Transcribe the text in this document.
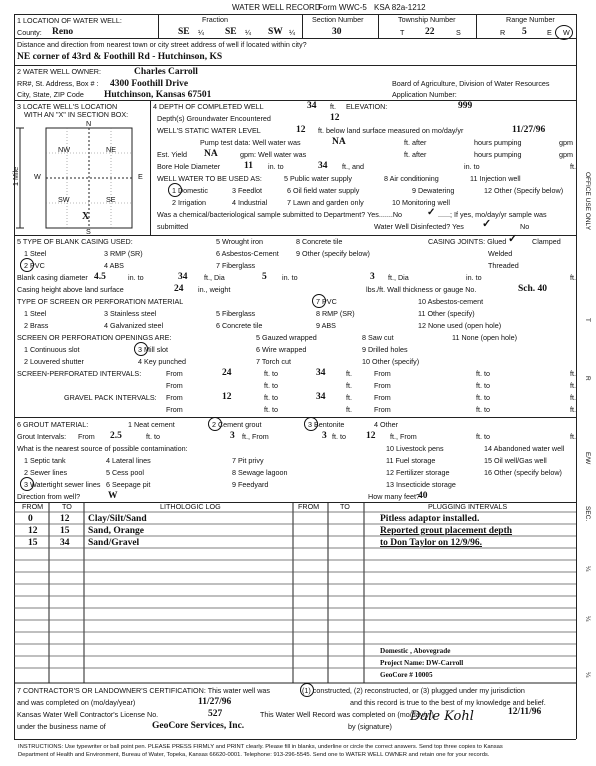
WATER WELL RECORD
Form WWC-5 KSA 82a-1212
1 LOCATION OF WATER WELL:
County: Reno
Fraction
SE ¼ SE ¼ SW ¼
Section Number
30
Township Number
T 22	S
Range Number
R 5	E W
Distance and direction from nearest town or city street address of well if located within city?
NE corner of 43rd & Foothill Rd - Hutchinson, KS
2 WATER WELL OWNER:	Charles Carroll
RR#, St. Address, Box # : 4300 Foothill Drive
City, State, ZIP Code Hutchinson, Kansas 67501
Board of Agriculture, Division of Water Resources
Application Number:
3 LOCATE WELL'S LOCATION
WITH AN "X" IN SECTION BOX:
N
S
W	E
NW	NE
SW	SE
X
1 Mile
4 DEPTH OF COMPLETED WELL	34 ft. ELEVATION:	999
Depth(s) Groundwater Encountered	12
WELL'S STATIC WATER LEVEL	12 ft. below land surface measured on mo/day/yr	11/27/96
Pump test data: Well water was	NA	ft. after	hours pumping	gpm
Est. Yield NA	gpm: Well water was	ft. after	hours pumping	gpm
Bore Hole Diameter	11 in. to	34 ft., and	in. to	ft.
WELL WATER TO BE USED AS:
1 Domestic	3 Feedlot	6 Oil field water supply	9 Dewatering	12 Other (Specify below)
2 Irrigation	4 Industrial	7 Lawn and garden only	10 Monitoring well
5 Public water supply	8 Air conditioning	11 Injection well
Was a chemical/bacteriological sample submitted to Department? Yes.......No ✓ ......; If yes, mo/day/yr sample was
submitted	Water Well Disinfected? Yes ✓	No
5 TYPE OF BLANK CASING USED:
1 Steel	3 RMP (SR)
5 Wrought iron	8 Concrete tile
9 Other (specify below)
2 PVC	4 ABS
6 Asbestos-Cement
7 Fiberglass
CASING JOINTS: Glued ✓ Clamped
Welded
Threaded
Blank casing diameter 4.5	in. to	34 ft., Dia	5 in. to	3 ft., Dia	in. to	ft.
Casing height above land surface	24 in., weight	lbs./ft. Wall thickness or gauge No.	Sch. 40
TYPE OF SCREEN OR PERFORATION MATERIAL
1 Steel	3 Stainless steel	5 Fiberglass
7 PVC	10 Asbestos-cement
2 Brass	4 Galvanized steel	6 Concrete tile
8 RMP (SR)
9 ABS
11 Other (specify)
12 None used (open hole)
SCREEN OR PERFORATION OPENINGS ARE:
1 Continuous slot	3 Mill slot
5 Gauzed wrapped	8 Saw cut	11 None (open hole)
2 Louvered shutter	4 Key punched
6 Wire wrapped
7 Torch cut
9 Drilled holes
10 Other (specify)
SCREEN-PERFORATED INTERVALS:	From	24	ft. to	34	ft.	From	ft. to	ft.
From	ft. to	ft.	From	ft. to	ft.
GRAVEL PACK INTERVALS: From	12	ft. to	34	ft.	From	ft. to	ft.
From	ft. to	ft.	From	ft. to	ft.
6 GROUT MATERIAL:	1 Neat cement	2 Cement grout	3 Bentonite	4 Other
Grout Intervals: From 2.5	ft. to	3 ft., From	3 ft. to 12 ft., From	ft. to	ft.
What is the nearest source of possible contamination:
1 Septic tank	4 Lateral lines	7 Pit privy
10 Livestock pens	14 Abandoned water well
2 Sewer lines	5 Cess pool	8 Sewage lagoon
11 Fuel storage	15 Oil well/Gas well
3 Watertight sewer lines 6 Seepage pit	9 Feedyard
12 Fertilizer storage	16 Other (specify below)
13 Insecticide storage
Direction from well?	W	How many feet?
40
FROM	TO	LITHOLOGIC LOG	FROM	TO	PLUGGING INTERVALS
0	12 Clay/Silt/Sand
12 15 Sand, Orange
15 34 Sand/Gravel
Pitless adaptor installed.
Reported grout placement depth
to Don Taylor on 12/9/96.
Domestic , Abovegrade
Project Name: DW-Carroll
GeoCore # 10005
7 CONTRACTOR'S OR LANDOWNER'S CERTIFICATION: This water well was	(1) constructed, (2) reconstructed, or (3) plugged under my jurisdiction
and was completed on (mo/day/year)	11/27/96	and this record is true to the best of my knowledge and belief.
Kansas Water Well Contractor's License No.	527	This Water Well Record was completed on (mo/day/yr)	12/11/96
under the business name of	GeoCore Services, Inc.	by (signature)
Dale Kohl
INSTRUCTIONS: Use typewriter or ball point pen. PLEASE PRESS FIRMLY and PRINT clearly. Please fill in blanks, underline or circle the correct answers. Send top three copies to Kansas
Department of Health and Environment, Bureau of Water, Topeka, Kansas 66620-0001. Telephone: 913-296-5545. Send one to WATER WELL OWNER and retain one for your records.
OFFICE USE ONLY
T
R
E/W
SEC.
¼
¼
¼
